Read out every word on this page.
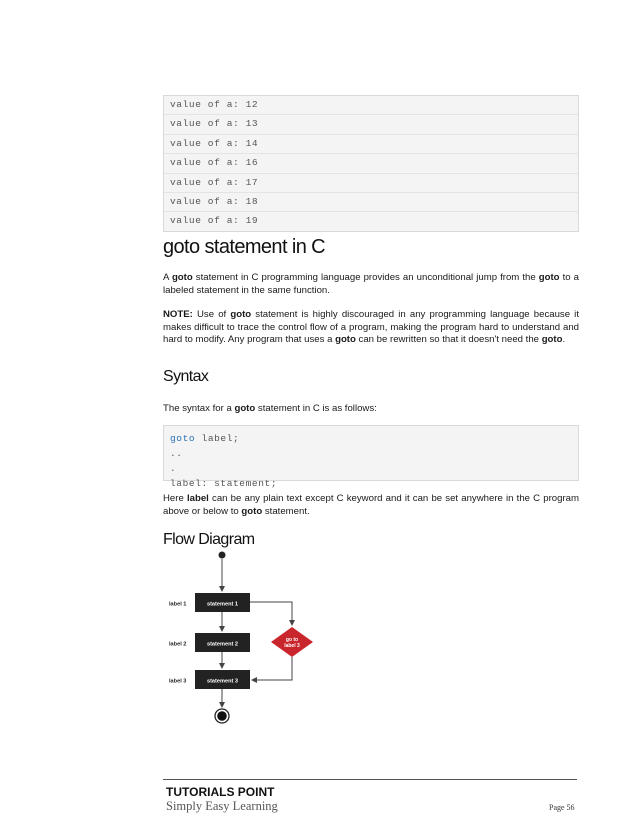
value of a: 12
value of a: 13
value of a: 14
value of a: 16
value of a: 17
value of a: 18
value of a: 19
goto statement in C

A goto statement in C programming language provides an unconditional jump from the goto to a labeled statement in the same function.

NOTE: Use of goto statement is highly discouraged in any programming language because it makes difficult to trace the control flow of a program, making the program hard to understand and hard to modify. Any program that uses a goto can be rewritten so that it doesn't need the goto.

Syntax

The syntax for a goto statement in C is as follows:

goto label;
..
.
label: statement;

Here label can be any plain text except C keyword and it can be set anywhere in the C program above or below to goto statement.

Flow Diagram
statement 1
label 1
statement 2
label 2
statement 3
label 3
go to
label 3
TUTORIALS POINT
Simply Easy Learning	Page 56
